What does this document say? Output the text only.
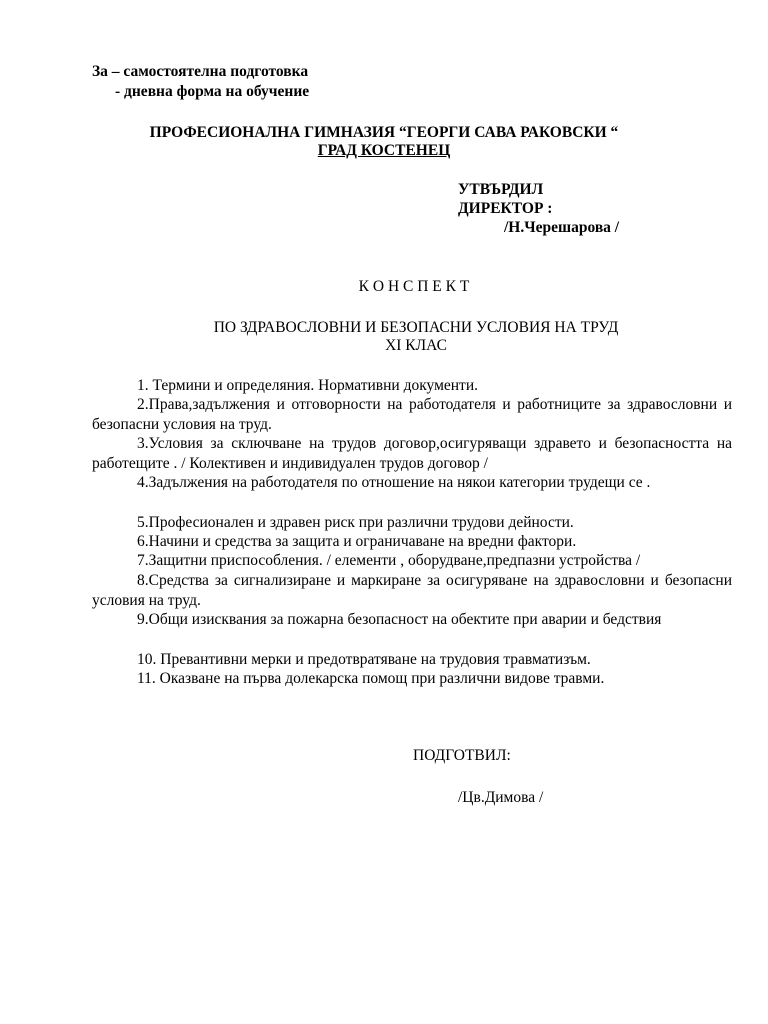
За – самостоятелна подготовка
- дневна форма на обучение
ПРОФЕСИОНАЛНА ГИМНАЗИЯ “ГЕОРГИ САВА РАКОВСКИ “
ГРАД КОСТЕНЕЦ
УТВЪРДИЛ
ДИРЕКТОР :
/Н.Черешарова /
К О Н С П Е К Т
ПО ЗДРАВОСЛОВНИ И БЕЗОПАСНИ УСЛОВИЯ НА ТРУД
ХІ КЛАС
1. Термини и определяния. Нормативни документи.
2.Права,задължения и отговорности на работодателя и работниците за здравословни и безопасни условия на труд.
3.Условия за сключване на трудов договор,осигуряващи здравето и безопасността на работещите . / Колективен и индивидуален трудов договор /
4.Задължения на работодателя по отношение на някои категории трудещи се .
5.Професионален и здравен риск при различни трудови дейности.
6.Начини и средства за защита и ограничаване на вредни фактори.
7.Защитни приспособления. / елементи , оборудване,предпазни устройства /
8.Средства за сигнализиране и маркиране за осигуряване на здравословни и безопасни условия на труд.
9.Общи изисквания за пожарна безопасност на обектите при аварии и бедствия
10. Превантивни мерки и предотвратяване на трудовия травматизъм.
11. Оказване на първа долекарска помощ при различни видове травми.
ПОДГОТВИЛ:
/Цв.Димова /
